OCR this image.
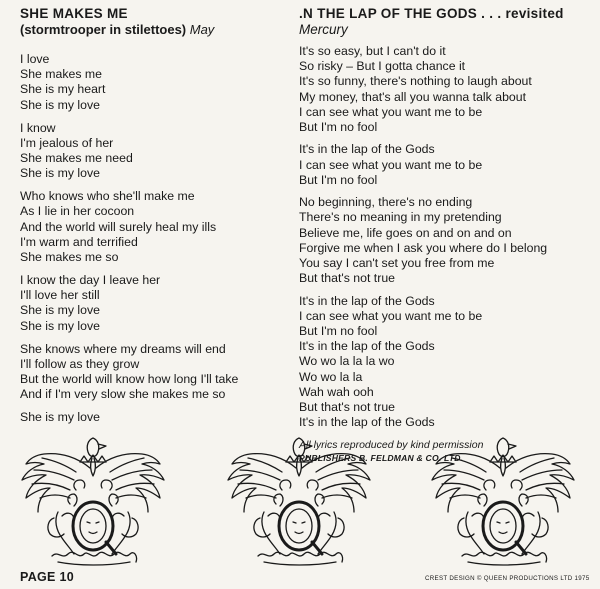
SHE MAKES ME
(stormtrooper in stilettoes) May
I love
She makes me
She is my heart
She is my love
I know
I'm jealous of her
She makes me need
She is my love
Who knows who she'll make me
As I lie in her cocoon
And the world will surely heal my ills
I'm warm and terrified
She makes me so
I know the day I leave her
I'll love her still
She is my love
She is my love
She knows where my dreams will end
I'll follow as they grow
But the world will know how long I'll take
And if I'm very slow she makes me so
She is my love
.N THE LAP OF THE GODS . . . revisited Mercury
It's so easy, but I can't do it
So risky – But I gotta chance it
It's so funny, there's nothing to laugh about
My money, that's all you wanna talk about
I can see what you want me to be
But I'm no fool
It's in the lap of the Gods
I can see what you want me to be
But I'm no fool
No beginning, there's no ending
There's no meaning in my pretending
Believe me, life goes on and on and on
Forgive me when I ask you where do I belong
You say I can't set you free from me
But that's not true
It's in the lap of the Gods
I can see what you want me to be
But I'm no fool
It's in the lap of the Gods
Wo wo la la la wo
Wo wo la la
Wah wah ooh
But that's not true
It's in the lap of the Gods
All lyrics reproduced by kind permission
PUBLISHERS B. FELDMAN & CO. LTD.
PAGE 10	CREST DESIGN © QUEEN PRODUCTIONS LTD 1975
